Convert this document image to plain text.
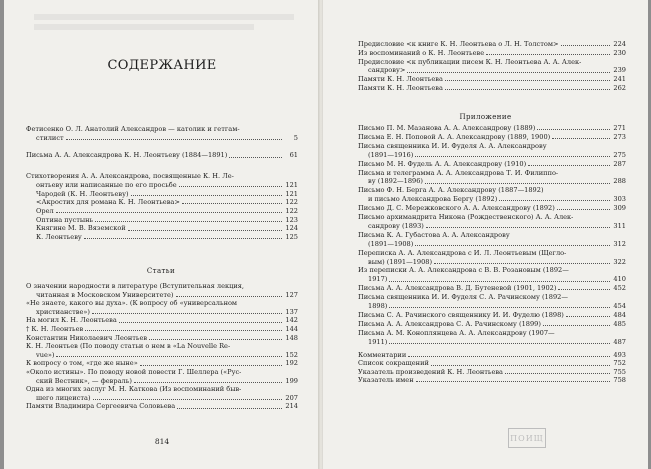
СОДЕРЖАНИЕ
Фетисенко О. Л. Анатолий Александров — католик и гетгам-
стилист	5
Письма А. А. Александрова К. Н. Леонтьеву (1884—1891)	61
Стихотворения А. А. Александрова, посвященные К. Н. Ле-
онтьеву или написанные по его просьбе	121
Чародей (К. Н. Леонтьеву)	121
<Акростих для романа К. Н. Леонтьева>	122
Орел	122
Оптина пустынь	123
Княгине М. В. Вяземской	124
К. Леонтьеву	125
Статьи
О значении народности в литературе (Вступительная лекция,
читанная в Московском Университете)	127
«Не знаете, какого вы духа». (К вопросу об «универсальном
христианстве»)	137
На могил К. Н. Леонтьева	142
† К. Н. Леонтьев	144
Константин Николаевич Леонтьев	148
К. Н. Леонтьев (По поводу статьи о нем в «La Nouvelle Re-
vue»)	152
К вопросу о том, «где же ныне»	192
«Около истины». По поводу новой повести Г. Шеллера («Рус-
ский Вестник», — февраль)	199
Одна из многих заслуг М. Н. Каткова (Из воспоминаний быв-
шего лицеиста)	207
Памяти Владимира Сергеевича Соловьева	214
814
Предисловие <к книге К. Н. Леонтьева о Л. Н. Толстом>	224
Из воспоминаний о К. Н. Леонтьеве	230
Предисловие <к публикации писем К. Н. Леонтьева А. А. Алек-
сандрову>	239
Памяти К. Н. Леонтьева	241
Памяти К. Н. Леонтьева	262
Приложение
Письмо П. М. Мазанова А. А. Александрову (1889)	271
Письма Е. Н. Поповой А. А. Александрову (1889, 1900)	273
Письма священника И. И. Фуделя А. А. Александрову
(1891—1916)	275
Письмо М. Н. Фудель А. А. Александрову (1910)	287
Письма и телеграмма А. А. Александрова Т. И. Филиппо-
ву (1892—1896)	288
Письмо Ф. Н. Берга А. А. Александрову (1887—1892)
и письмо Александрова Бергу (1892)	303
Письмо Д. С. Мережковского А. А. Александрову (1892)	309
Письмо архимандрита Никона (Рождественского) А. А. Алек-
сандрову (1893)	311
Письма К. А. Губастова А. А. Александрову
(1891—1908)	312
Переписка А. А. Александрова с И. Л. Леонтьевым (Щегло-
вым) (1891—1908)	322
Из переписки А. А. Александрова с В. В. Розановым (1892—
1917)	410
Письма А. А. Александрова В. Д. Бутеневой (1901, 1902)	452
Письма священника И. И. Фуделя С. А. Рачинскому (1892—
1898)	454
Письма С. А. Рачинского священнику И. И. Фуделю (1898)	484
Письма А. А. Александрова С. А. Рачинскому (1899)	485
Письма А. М. Коноплянцева А. А. Александрову (1907—
1911)	487
Комментарии	493
Список сокращений	752
Указатель произведений К. Н. Леонтьева	755
Указатель имен	758
ПОИЩ
